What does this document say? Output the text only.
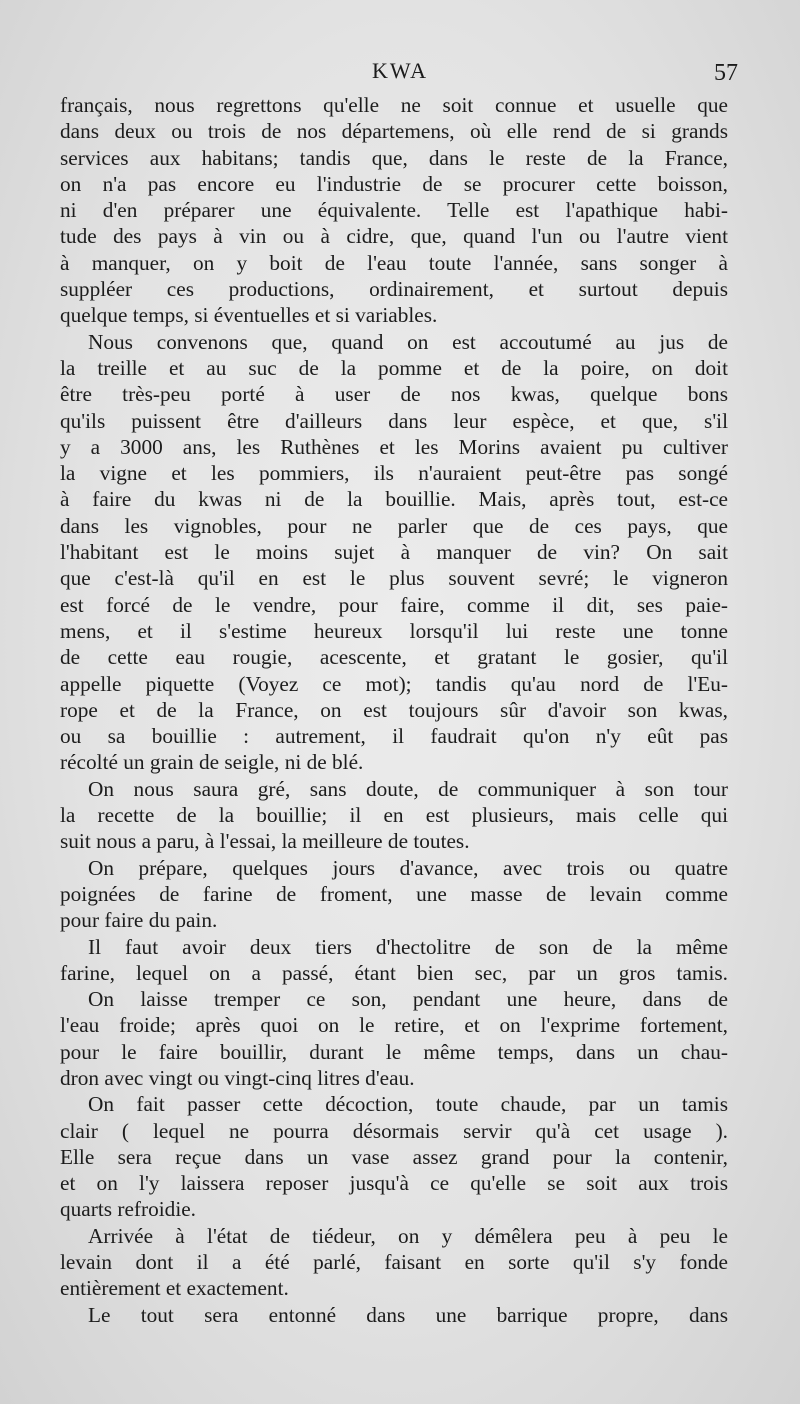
KWA	57
français, nous regrettons qu'elle ne soit connue et usuelle que
dans deux ou trois de nos départemens, où elle rend de si grands
services aux habitans; tandis que, dans le reste de la France,
on n'a pas encore eu l'industrie de se procurer cette boisson,
ni d'en préparer une équivalente. Telle est l'apathique habi-
tude des pays à vin ou à cidre, que, quand l'un ou l'autre vient
à manquer, on y boit de l'eau toute l'année, sans songer à
suppléer ces productions, ordinairement, et surtout depuis
quelque temps, si éventuelles et si variables.
Nous convenons que, quand on est accoutumé au jus de
la treille et au suc de la pomme et de la poire, on doit
être très-peu porté à user de nos kwas, quelque bons
qu'ils puissent être d'ailleurs dans leur espèce, et que, s'il
y a 3000 ans, les Ruthènes et les Morins avaient pu cultiver
la vigne et les pommiers, ils n'auraient peut-être pas songé
à faire du kwas ni de la bouillie. Mais, après tout, est-ce
dans les vignobles, pour ne parler que de ces pays, que
l'habitant est le moins sujet à manquer de vin? On sait
que c'est-là qu'il en est le plus souvent sevré; le vigneron
est forcé de le vendre, pour faire, comme il dit, ses paie-
mens, et il s'estime heureux lorsqu'il lui reste une tonne
de cette eau rougie, acescente, et gratant le gosier, qu'il
appelle piquette (Voyez ce mot); tandis qu'au nord de l'Eu-
rope et de la France, on est toujours sûr d'avoir son kwas,
ou sa bouillie : autrement, il faudrait qu'on n'y eût pas
récolté un grain de seigle, ni de blé.
On nous saura gré, sans doute, de communiquer à son tour
la recette de la bouillie; il en est plusieurs, mais celle qui
suit nous a paru, à l'essai, la meilleure de toutes.
On prépare, quelques jours d'avance, avec trois ou quatre
poignées de farine de froment, une masse de levain comme
pour faire du pain.
Il faut avoir deux tiers d'hectolitre de son de la même
farine, lequel on a passé, étant bien sec, par un gros tamis.
On laisse tremper ce son, pendant une heure, dans de
l'eau froide; après quoi on le retire, et on l'exprime fortement,
pour le faire bouillir, durant le même temps, dans un chau-
dron avec vingt ou vingt-cinq litres d'eau.
On fait passer cette décoction, toute chaude, par un tamis
clair ( lequel ne pourra désormais servir qu'à cet usage ).
Elle sera reçue dans un vase assez grand pour la contenir,
et on l'y laissera reposer jusqu'à ce qu'elle se soit aux trois
quarts refroidie.
Arrivée à l'état de tiédeur, on y démêlera peu à peu le
levain dont il a été parlé, faisant en sorte qu'il s'y fonde
entièrement et exactement.
Le tout sera entonné dans une barrique propre, dans
